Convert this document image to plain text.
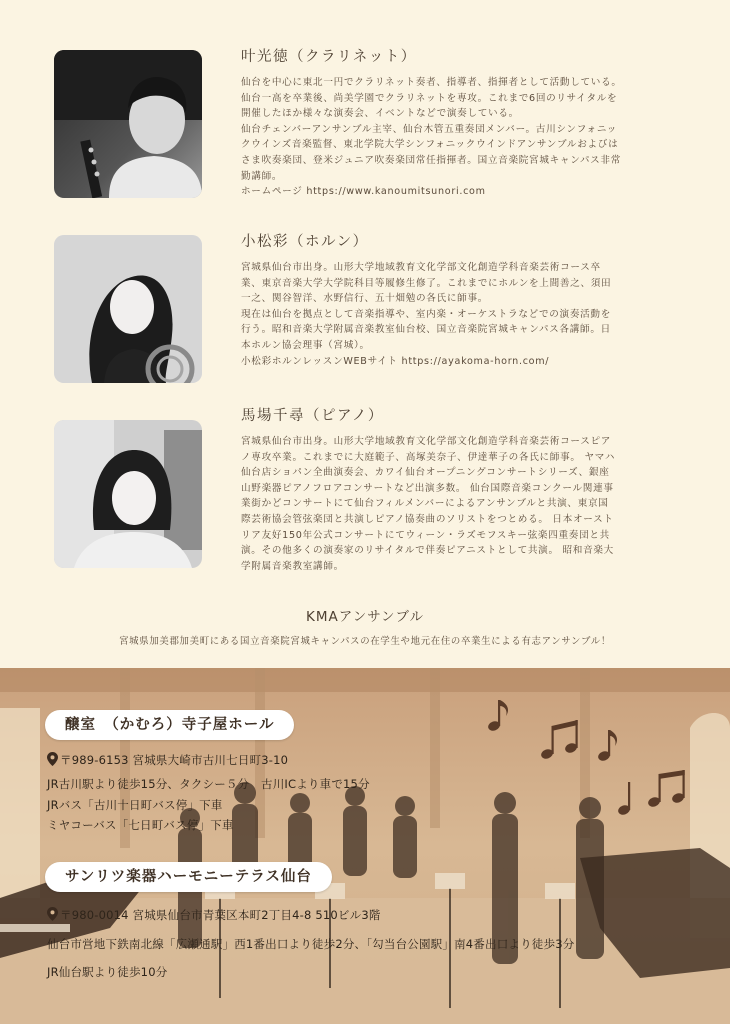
叶光徳（クラリネット）
仙台を中心に東北一円でクラリネット奏者、指導者、指揮者として活動している。
仙台一高を卒業後、尚美学園でクラリネットを専攻。これまで6回のリサイタルを
開催したほか様々な演奏会、イベントなどで演奏している。
仙台チェンバーアンサンブル主宰、仙台木管五重奏団メンバー。古川シンフォニッ
クウインズ音楽監督、東北学院大学シンフォニックウインドアンサンブルおよびは
さま吹奏楽団、登米ジュニア吹奏楽団常任指揮者。国立音楽院宮城キャンパス非常
勤講師。
ホームページ https://www.kanoumitsunori.com
小松彩（ホルン）
宮城県仙台市出身。山形大学地域教育文化学部文化創造学科音楽芸術コース卒
業、東京音楽大学大学院科目等履修生修了。これまでにホルンを上間善之、須田
一之、関谷智洋、水野信行、五十畑勉の各氏に師事。
現在は仙台を拠点として音楽指導や、室内楽・オーケストラなどでの演奏活動を
行う。昭和音楽大学附属音楽教室仙台校、国立音楽院宮城キャンパス各講師。日
本ホルン協会理事（宮城）。
小松彩ホルンレッスンWEBサイト https://ayakoma-horn.com/
馬場千尋（ピアノ）
宮城県仙台市出身。山形大学地域教育文化学部文化創造学科音楽芸術コースピア
ノ専攻卒業。これまでに大庭範子、高塚美奈子、伊達華子の各氏に師事。 ヤマハ
仙台店ショパン全曲演奏会、カワイ仙台オープニングコンサートシリーズ、銀座
山野楽器ピアノフロアコンサートなど出演多数。 仙台国際音楽コンクール関連事
業街かどコンサートにて仙台フィルメンバーによるアンサンブルと共演、東京国
際芸術協会管弦楽団と共演しピアノ協奏曲のソリストをつとめる。 日本オースト
リア友好150年公式コンサートにてウィーン・ラズモフスキー弦楽四重奏団と共
演。その他多くの演奏家のリサイタルで伴奏ピアニストとして共演。 昭和音楽大
学附属音楽教室講師。
KMAアンサンブル
宮城県加美郡加美町にある国立音楽院宮城キャンパスの在学生や地元在住の卒業生による有志アンサンブル！
醸室　（かむろ）寺子屋ホール
〒989-6153 宮城県大崎市古川七日町3-10
JR古川駅より徒歩15分、タクシー５分　古川ICより車で15分
JRバス「古川十日町バス停」下車
ミヤコーバス「七日町バス停」下車
サンリツ楽器ハーモニーテラス仙台
〒980-0014 宮城県仙台市青葉区本町2丁目4-8 510ビル3階
仙台市営地下鉄南北線「広瀬通駅」西1番出口より徒歩2分、「勾当台公園駅」南4番出口より徒歩3分
JR仙台駅より徒歩10分
